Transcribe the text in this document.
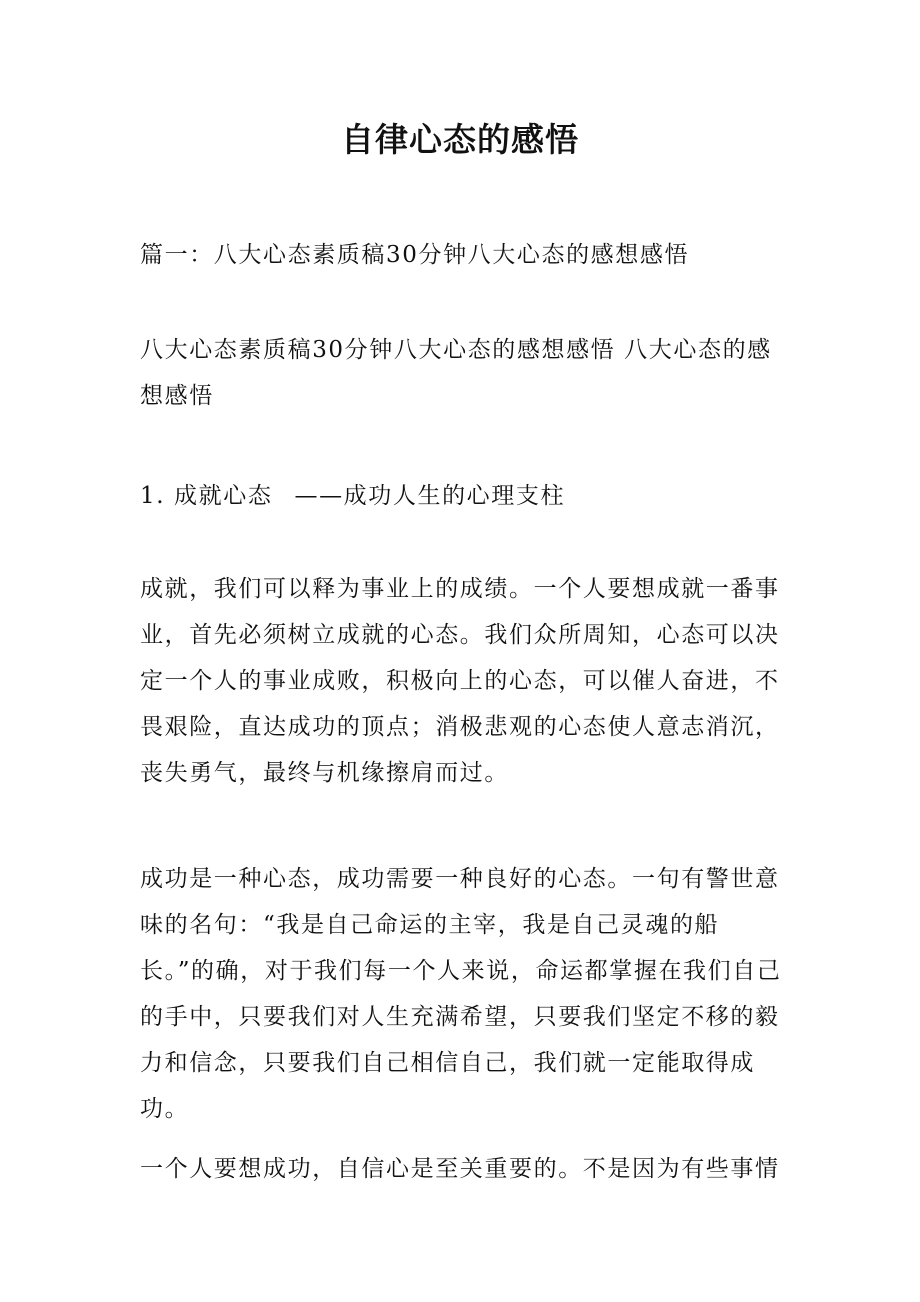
自律心态的感悟

篇一：八大心态素质稿30分钟八大心态的感想感悟

八大心态素质稿30分钟八大心态的感想感悟 八大心态的感想感悟

1. 成就心态 ——成功人生的心理支柱

成就，我们可以释为事业上的成绩。一个人要想成就一番事业，首先必须树立成就的心态。我们众所周知，心态可以决定一个人的事业成败，积极向上的心态，可以催人奋进，不畏艰险，直达成功的顶点；消极悲观的心态使人意志消沉，丧失勇气，最终与机缘擦肩而过。

成功是一种心态，成功需要一种良好的心态。一句有警世意味的名句：“我是自己命运的主宰，我是自己灵魂的船长。”的确，对于我们每一个人来说，命运都掌握在我们自己的手中，只要我们对人生充满希望，只要我们坚定不移的毅力和信念，只要我们自己相信自己，我们就一定能取得成功。

一个人要想成功，自信心是至关重要的。不是因为有些事情
